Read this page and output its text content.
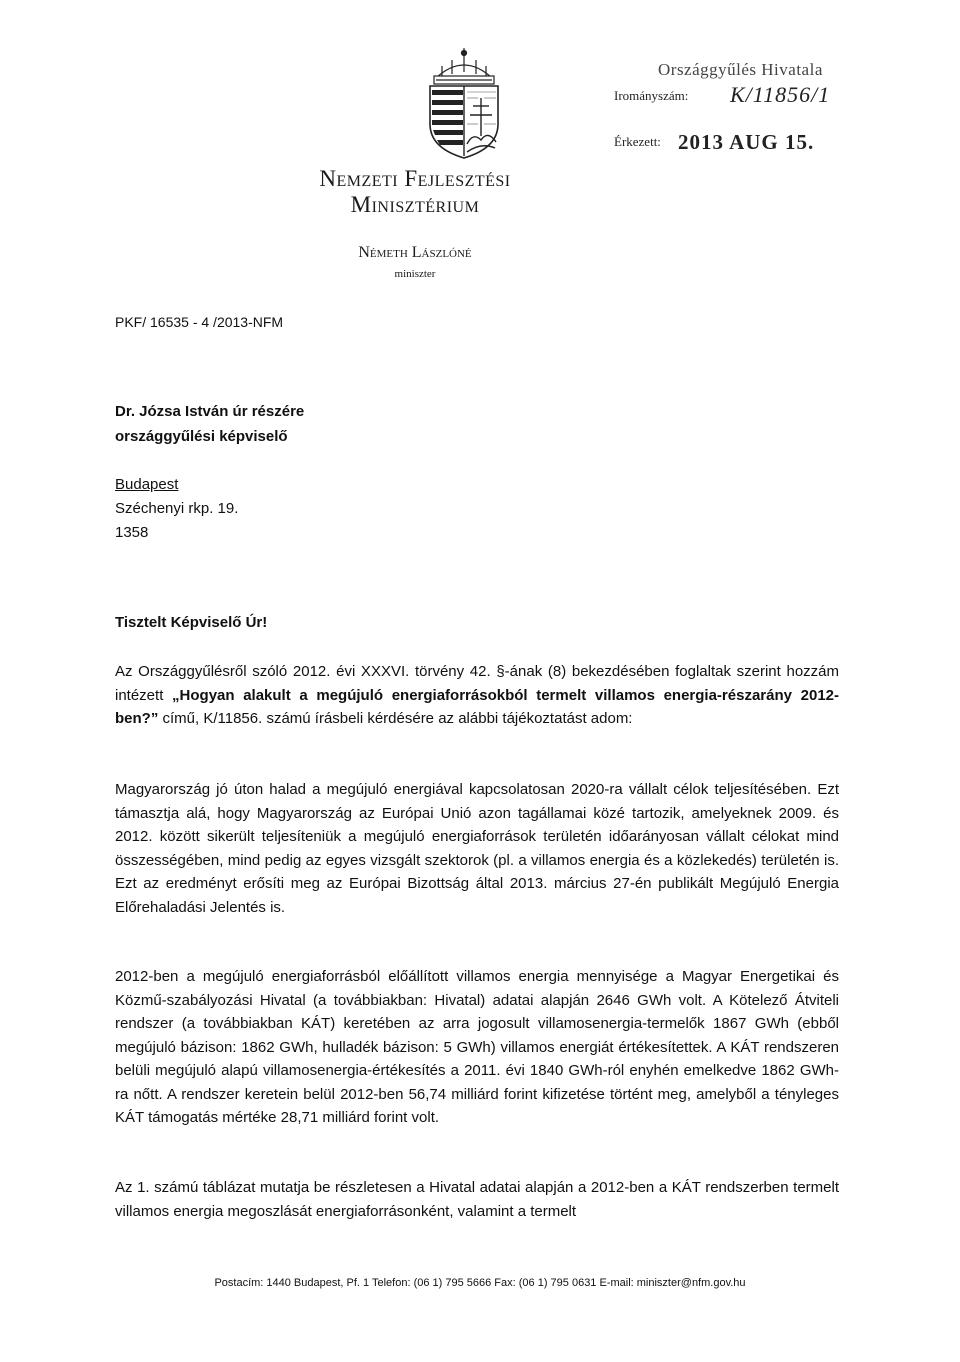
Nemzeti Fejlesztési
Minisztérium
Németh Lászlóné
miniszter
Országgyűlés Hivatala
Irományszám: K/11856/1
Érkezett: 2013 AUG 15.
PKF/ 16535 - 4 /2013-NFM
Dr. Józsa István úr részére
országgyűlési képviselő
Budapest
Széchenyi rkp. 19.
1358
Tisztelt Képviselő Úr!
Az Országgyűlésről szóló 2012. évi XXXVI. törvény 42. §-ának (8) bekezdésében foglaltak szerint hozzám intézett „Hogyan alakult a megújuló energiaforrásokból termelt villamos energia-részarány 2012-ben?” című, K/11856. számú írásbeli kérdésére az alábbi tájékoztatást adom:
Magyarország jó úton halad a megújuló energiával kapcsolatosan 2020-ra vállalt célok teljesítésében. Ezt támasztja alá, hogy Magyarország az Európai Unió azon tagállamai közé tartozik, amelyeknek 2009. és 2012. között sikerült teljesíteniük a megújuló energiaforrások területén időarányosan vállalt célokat mind összességében, mind pedig az egyes vizsgált szektorok (pl. a villamos energia és a közlekedés) területén is. Ezt az eredményt erősíti meg az Európai Bizottság által 2013. március 27-én publikált Megújuló Energia Előrehaladási Jelentés is.
2012-ben a megújuló energiaforrásból előállított villamos energia mennyisége a Magyar Energetikai és Közmű-szabályozási Hivatal (a továbbiakban: Hivatal) adatai alapján 2646 GWh volt. A Kötelező Átviteli rendszer (a továbbiakban KÁT) keretében az arra jogosult villamosenergia-termelők 1867 GWh (ebből megújuló bázison: 1862 GWh, hulladék bázison: 5 GWh) villamos energiát értékesítettek. A KÁT rendszeren belüli megújuló alapú villamosenergia-értékesítés a 2011. évi 1840 GWh-ról enyhén emelkedve 1862 GWh-ra nőtt. A rendszer keretein belül 2012-ben 56,74 milliárd forint kifizetése történt meg, amelyből a tényleges KÁT támogatás mértéke 28,71 milliárd forint volt.
Az 1. számú táblázat mutatja be részletesen a Hivatal adatai alapján a 2012-ben a KÁT rendszerben termelt villamos energia megoszlását energiaforrásonként, valamint a termelt
Postacím: 1440 Budapest, Pf. 1 Telefon: (06 1) 795 5666 Fax: (06 1) 795 0631 E-mail: miniszter@nfm.gov.hu
